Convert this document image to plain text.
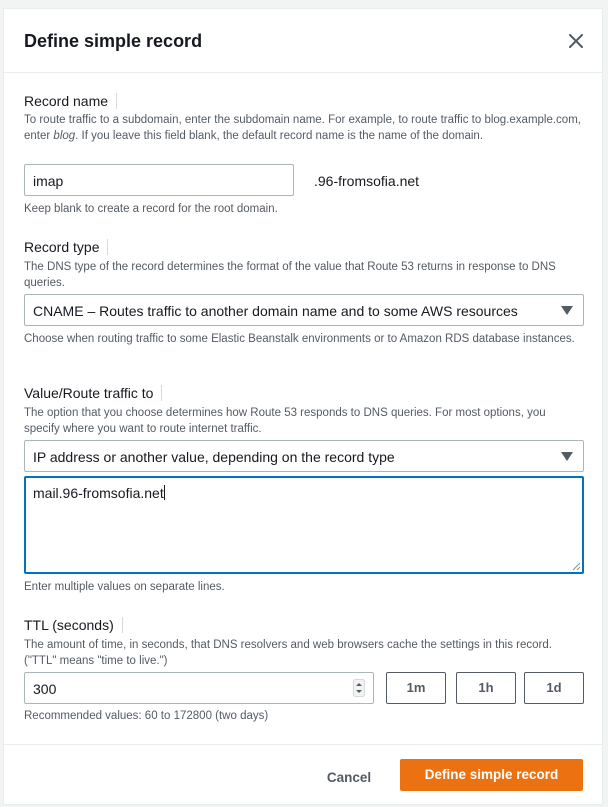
Define simple record
Record name
To route traffic to a subdomain, enter the subdomain name. For example, to route traffic to blog.example.com, enter blog. If you leave this field blank, the default record name is the name of the domain.
imap	.96-fromsofia.net
Keep blank to create a record for the root domain.
Record type
The DNS type of the record determines the format of the value that Route 53 returns in response to DNS queries.
CNAME – Routes traffic to another domain name and to some AWS resources
Choose when routing traffic to some Elastic Beanstalk environments or to Amazon RDS database instances.
Value/Route traffic to
The option that you choose determines how Route 53 responds to DNS queries. For most options, you specify where you want to route internet traffic.
IP address or another value, depending on the record type
mail.96-fromsofia.net
Enter multiple values on separate lines.
TTL (seconds)
The amount of time, in seconds, that DNS resolvers and web browsers cache the settings in this record. ("TTL" means "time to live.")
300	1m	1h	1d
Recommended values: 60 to 172800 (two days)
Cancel	Define simple record
